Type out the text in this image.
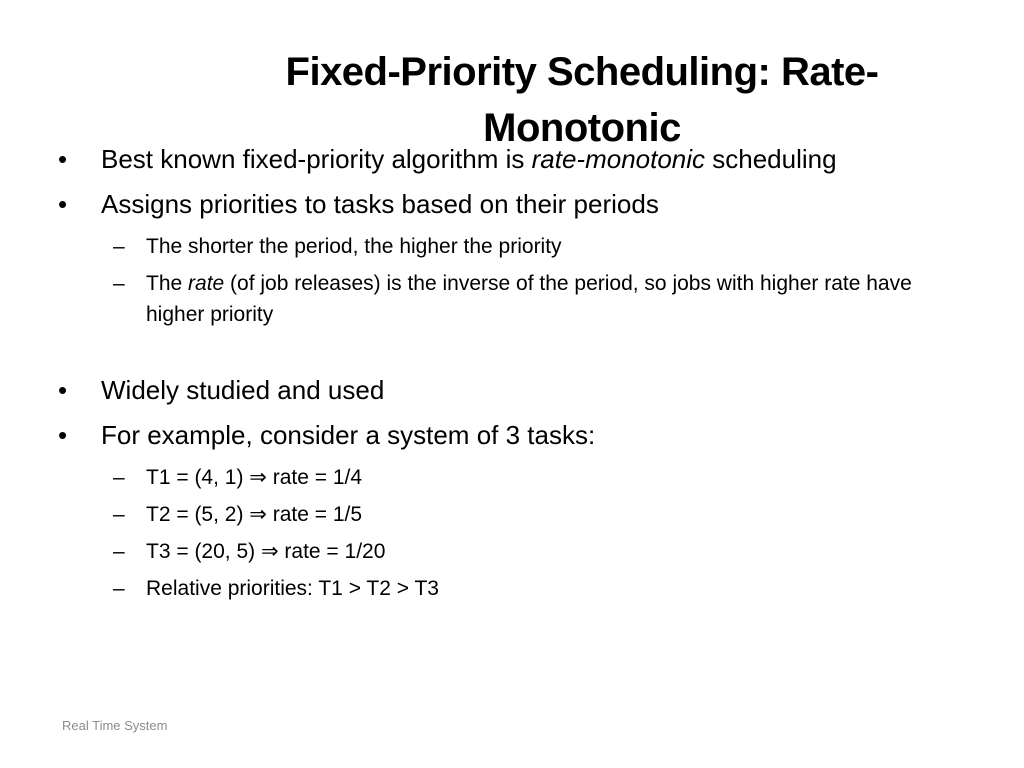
Fixed-Priority Scheduling: Rate-
Monotonic
•	Best known fixed-priority algorithm is rate-monotonic scheduling
•	Assigns priorities to tasks based on their periods
– The shorter the period, the higher the priority
– The rate (of job releases) is the inverse of the period, so jobs with higher rate have higher priority
•	Widely studied and used
•	For example, consider a system of 3 tasks:
– T1 = (4, 1) ⇒ rate = 1/4
– T2 = (5, 2) ⇒ rate = 1/5
– T3 = (20, 5) ⇒ rate = 1/20
– Relative priorities: T1 > T2 > T3
Real Time System
